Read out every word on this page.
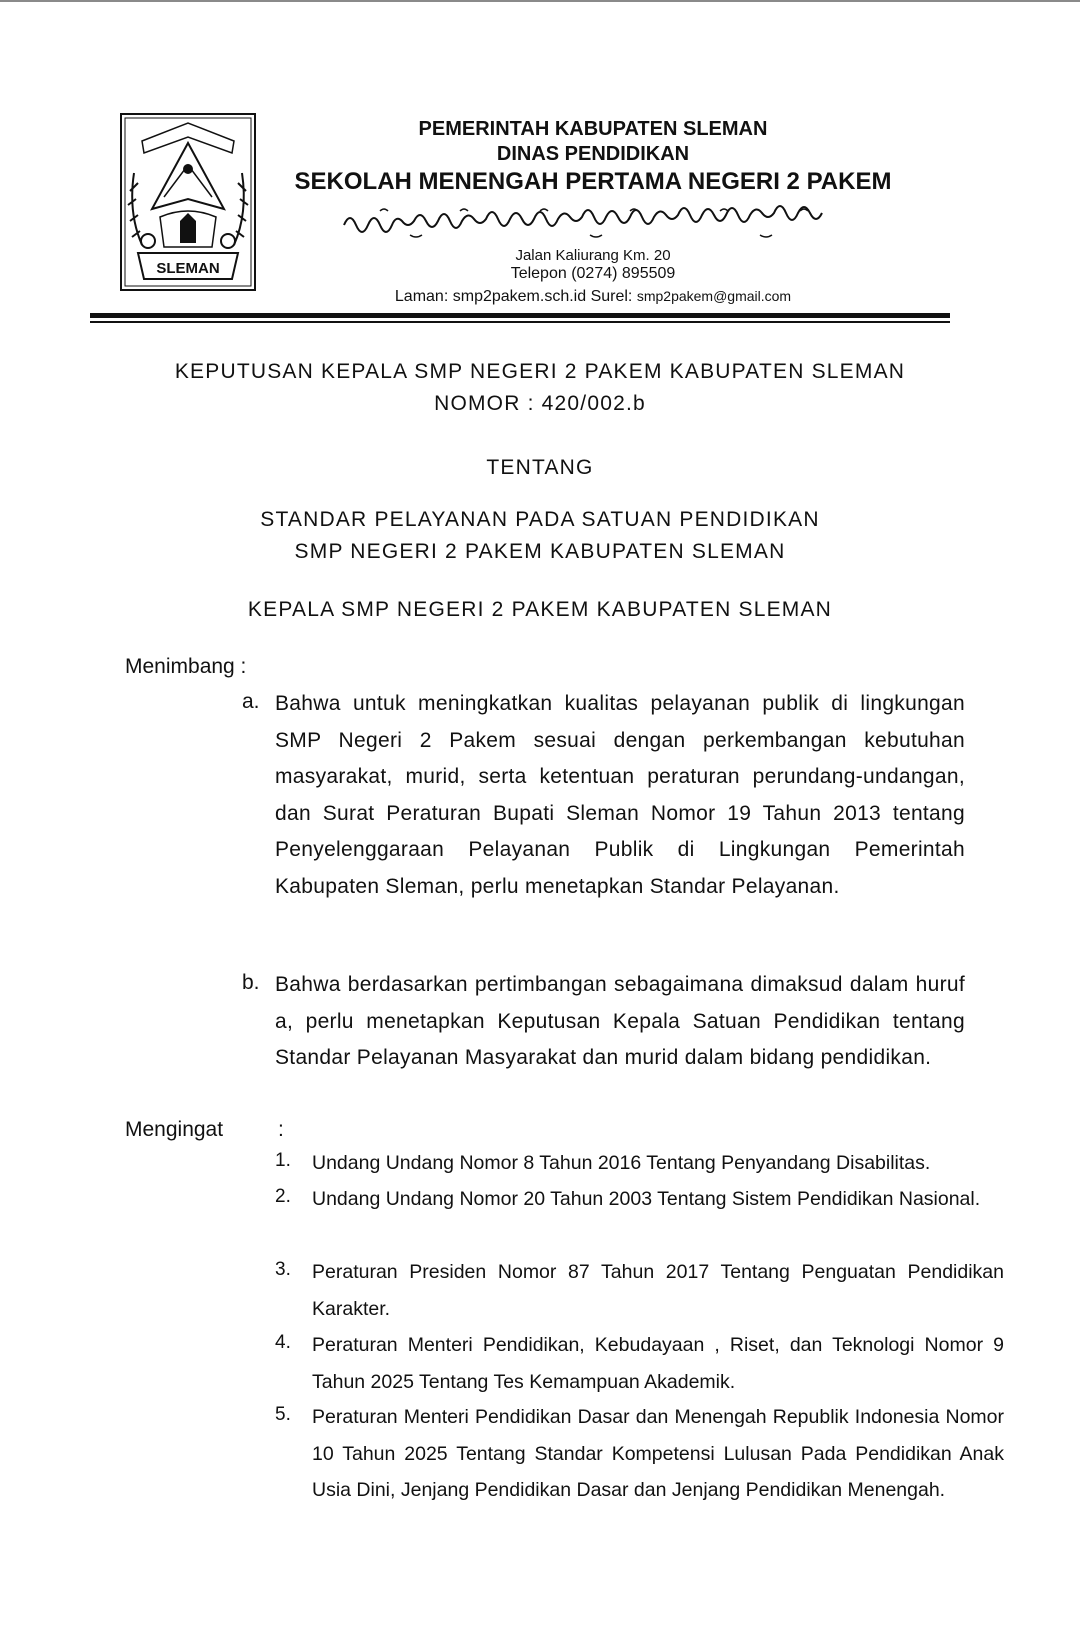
SLEMAN
PEMERINTAH KABUPATEN SLEMAN
DINAS PENDIDIKAN
SEKOLAH MENENGAH PERTAMA NEGERI 2 PAKEM
Jalan Kaliurang Km. 20
Telepon (0274) 895509
Laman: smp2pakem.sch.id Surel: smp2pakem@gmail.com
KEPUTUSAN KEPALA SMP NEGERI 2 PAKEM KABUPATEN SLEMAN
NOMOR : 420/002.b
TENTANG
STANDAR PELAYANAN PADA SATUAN PENDIDIKAN
SMP NEGERI 2 PAKEM KABUPATEN SLEMAN
KEPALA SMP NEGERI 2 PAKEM KABUPATEN SLEMAN
Menimbang :
a. Bahwa untuk meningkatkan kualitas pelayanan publik di lingkungan SMP Negeri 2 Pakem sesuai dengan perkembangan kebutuhan masyarakat, murid, serta ketentuan peraturan perundang-undangan, dan Surat Peraturan Bupati Sleman Nomor 19 Tahun 2013 tentang Penyelenggaraan Pelayanan Publik di Lingkungan Pemerintah Kabupaten Sleman, perlu menetapkan Standar Pelayanan.
b. Bahwa berdasarkan pertimbangan sebagaimana dimaksud dalam huruf a, perlu menetapkan Keputusan Kepala Satuan Pendidikan tentang Standar Pelayanan Masyarakat dan murid dalam bidang pendidikan.
Mengingat	:
1. Undang Undang Nomor 8 Tahun 2016 Tentang Penyandang Disabilitas.
2. Undang Undang Nomor 20 Tahun 2003 Tentang Sistem Pendidikan Nasional.
3. Peraturan Presiden Nomor 87 Tahun 2017 Tentang Penguatan Pendidikan Karakter.
4. Peraturan Menteri Pendidikan, Kebudayaan , Riset, dan Teknologi Nomor 9 Tahun 2025 Tentang Tes Kemampuan Akademik.
5. Peraturan Menteri Pendidikan Dasar dan Menengah Republik Indonesia Nomor 10 Tahun 2025 Tentang Standar Kompetensi Lulusan Pada Pendidikan Anak Usia Dini, Jenjang Pendidikan Dasar dan Jenjang Pendidikan Menengah.
